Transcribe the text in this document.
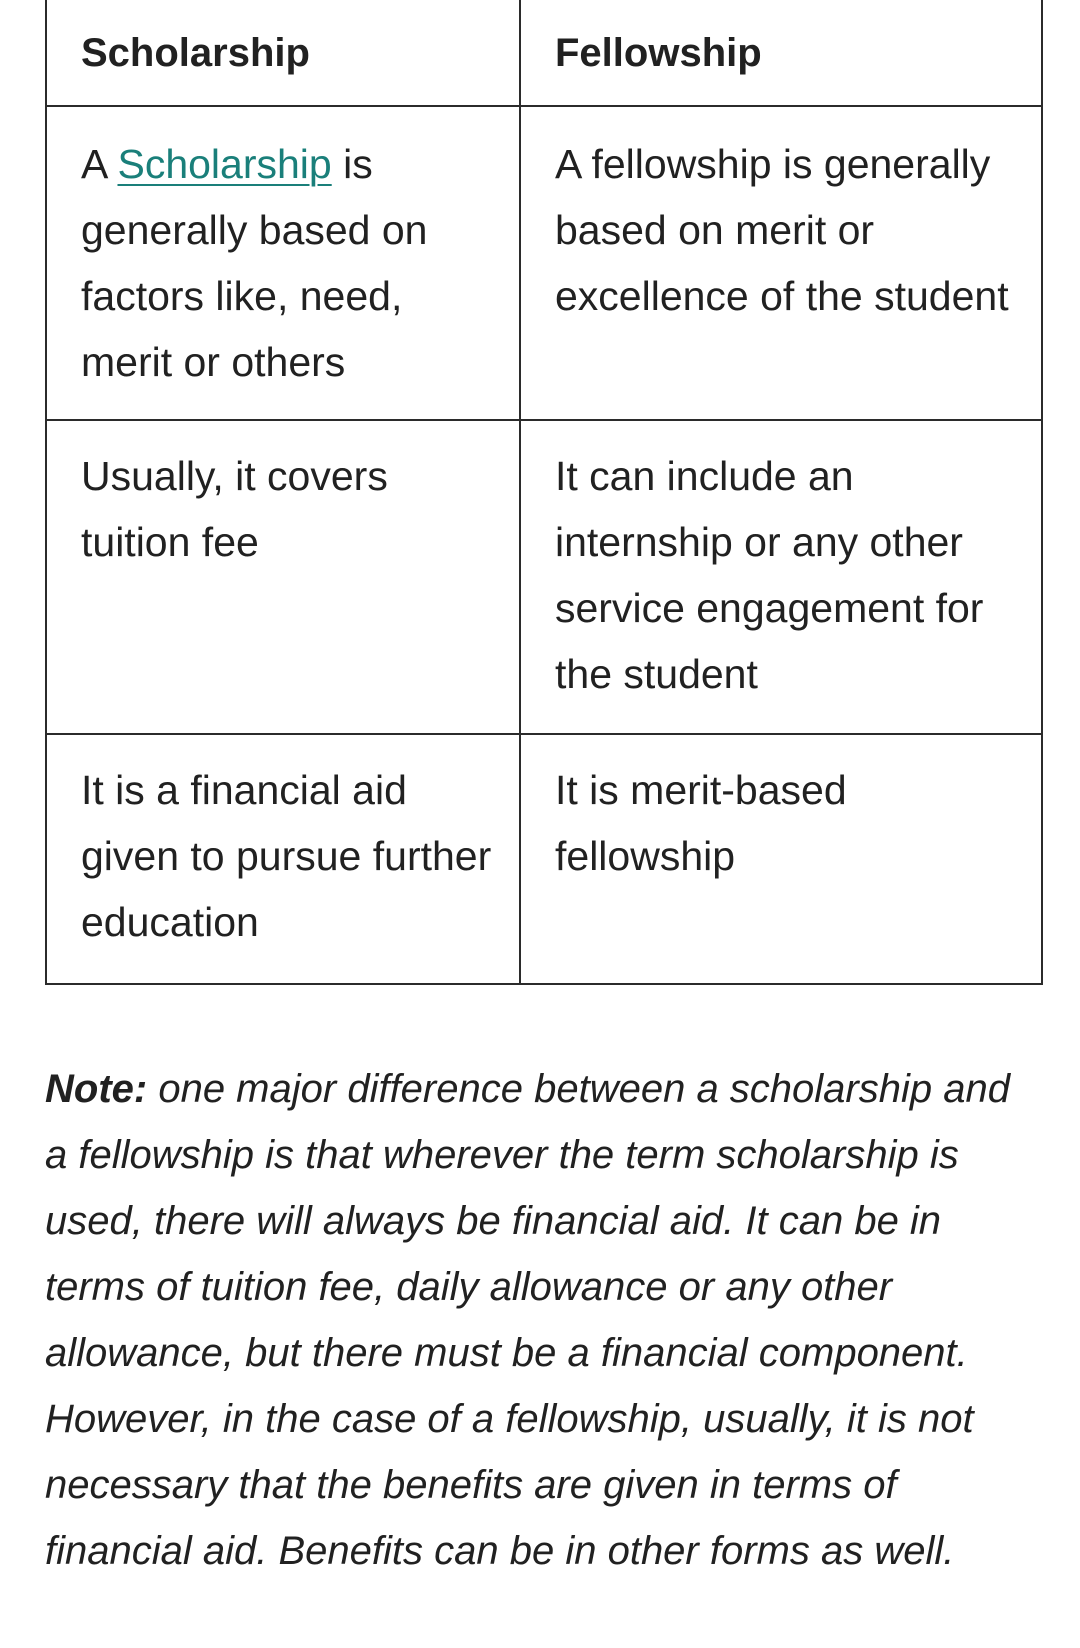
Scholarship	Fellowship
A Scholarship is generally based on factors like, need, merit or others	A fellowship is generally based on merit or excellence of the student
Usually, it covers tuition fee	It can include an internship or any other service engagement for the student
It is a financial aid given to pursue further education	It is merit-based fellowship

Note: one major difference between a scholarship and a fellowship is that wherever the term scholarship is used, there will always be financial aid. It can be in terms of tuition fee, daily allowance or any other allowance, but there must be a financial component. However, in the case of a fellowship, usually, it is not necessary that the benefits are given in terms of financial aid. Benefits can be in other forms as well.
